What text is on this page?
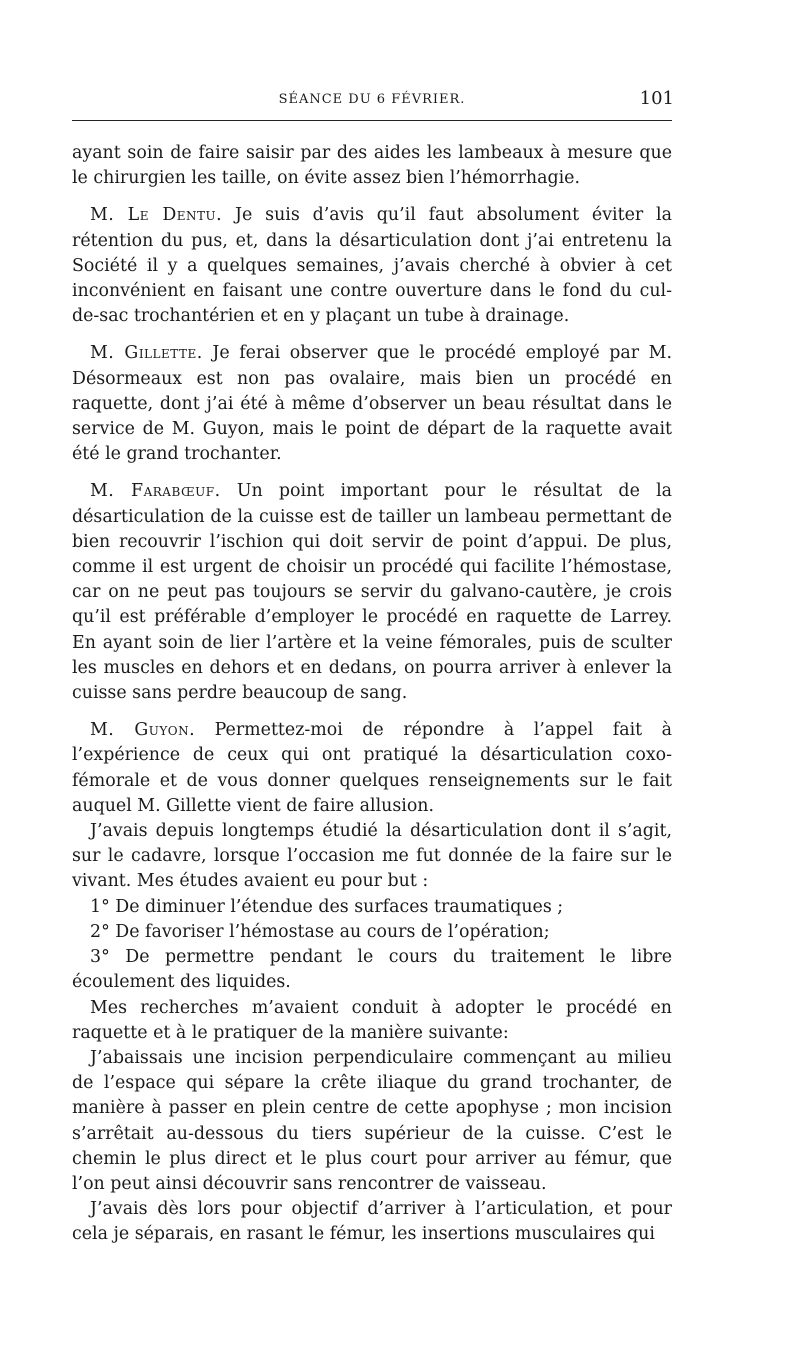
SÉANCE DU 6 FÉVRIER.	101

ayant soin de faire saisir par des aides les lambeaux à mesure que le chirurgien les taille, on évite assez bien l’hémorrhagie.

M. Le Dentu. Je suis d’avis qu’il faut absolument éviter la rétention du pus, et, dans la désarticulation dont j’ai entretenu la Société il y a quelques semaines, j’avais cherché à obvier à cet inconvénient en faisant une contre ouverture dans le fond du cul-de-sac trochantérien et en y plaçant un tube à drainage.

M. Gillette. Je ferai observer que le procédé employé par M. Désormeaux est non pas ovalaire, mais bien un procédé en raquette, dont j’ai été à même d’observer un beau résultat dans le service de M. Guyon, mais le point de départ de la raquette avait été le grand trochanter.

M. Farabœuf. Un point important pour le résultat de la désarticulation de la cuisse est de tailler un lambeau permettant de bien recouvrir l’ischion qui doit servir de point d’appui. De plus, comme il est urgent de choisir un procédé qui facilite l’hémostase, car on ne peut pas toujours se servir du galvano-cautère, je crois qu’il est préférable d’employer le procédé en raquette de Larrey. En ayant soin de lier l’artère et la veine fémorales, puis de sculter les muscles en dehors et en dedans, on pourra arriver à enlever la cuisse sans perdre beaucoup de sang.

M. Guyon. Permettez-moi de répondre à l’appel fait à l’expérience de ceux qui ont pratiqué la désarticulation coxo-fémorale et de vous donner quelques renseignements sur le fait auquel M. Gillette vient de faire allusion.

J’avais depuis longtemps étudié la désarticulation dont il s’agit, sur le cadavre, lorsque l’occasion me fut donnée de la faire sur le vivant. Mes études avaient eu pour but :

1° De diminuer l’étendue des surfaces traumatiques ;

2° De favoriser l’hémostase au cours de l’opération;

3° De permettre pendant le cours du traitement le libre écoulement des liquides.

Mes recherches m’avaient conduit à adopter le procédé en raquette et à le pratiquer de la manière suivante:

J’abaissais une incision perpendiculaire commençant au milieu de l’espace qui sépare la crête iliaque du grand trochanter, de manière à passer en plein centre de cette apophyse ; mon incision s’arrêtait au-dessous du tiers supérieur de la cuisse. C’est le chemin le plus direct et le plus court pour arriver au fémur, que l’on peut ainsi découvrir sans rencontrer de vaisseau.

J’avais dès lors pour objectif d’arriver à l’articulation, et pour cela je séparais, en rasant le fémur, les insertions musculaires qui
